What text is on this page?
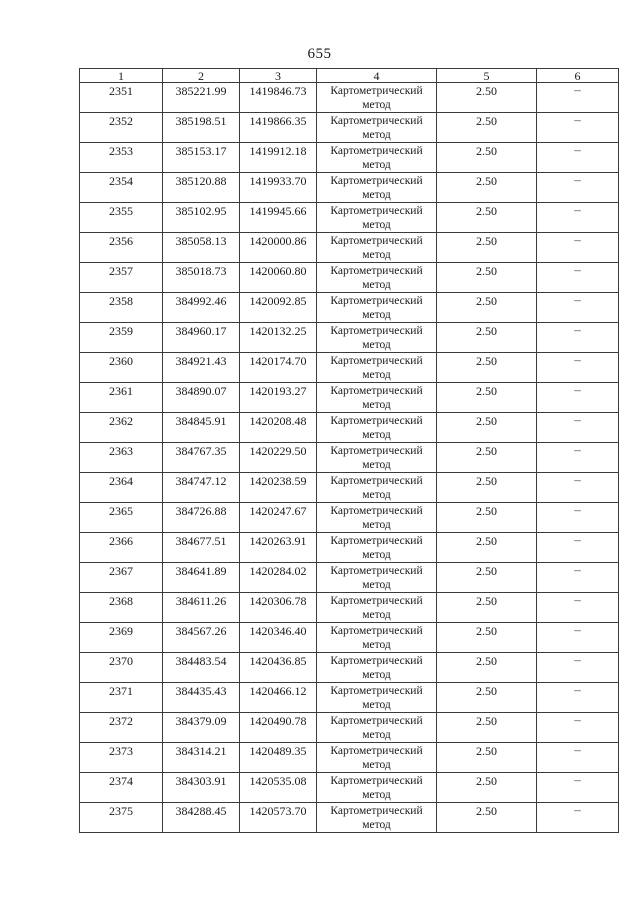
655
1	2	3	4	5	6

2351	385221.99	1419846.73	Картометрический
метод	2.50	–

2352	385198.51	1419866.35	Картометрический
метод	2.50	–

2353	385153.17	1419912.18	Картометрический
метод	2.50	–

2354	385120.88	1419933.70	Картометрический
метод	2.50	–

2355	385102.95	1419945.66	Картометрический
метод	2.50	–

2356	385058.13	1420000.86	Картометрический
метод	2.50	–

2357	385018.73	1420060.80	Картометрический
метод	2.50	–

2358	384992.46	1420092.85	Картометрический
метод	2.50	–

2359	384960.17	1420132.25	Картометрический
метод	2.50	–

2360	384921.43	1420174.70	Картометрический
метод	2.50	–

2361	384890.07	1420193.27	Картометрический
метод	2.50	–

2362	384845.91	1420208.48	Картометрический
метод	2.50	–

2363	384767.35	1420229.50	Картометрический
метод	2.50	–

2364	384747.12	1420238.59	Картометрический
метод	2.50	–

2365	384726.88	1420247.67	Картометрический
метод	2.50	–

2366	384677.51	1420263.91	Картометрический
метод	2.50	–

2367	384641.89	1420284.02	Картометрический
метод	2.50	–

2368	384611.26	1420306.78	Картометрический
метод	2.50	–

2369	384567.26	1420346.40	Картометрический
метод	2.50	–

2370	384483.54	1420436.85	Картометрический
метод	2.50	–

2371	384435.43	1420466.12	Картометрический
метод	2.50	–

2372	384379.09	1420490.78	Картометрический
метод	2.50	–

2373	384314.21	1420489.35	Картометрический
метод	2.50	–

2374	384303.91	1420535.08	Картометрический
метод	2.50	–

2375	384288.45	1420573.70	Картометрический
метод	2.50	–
